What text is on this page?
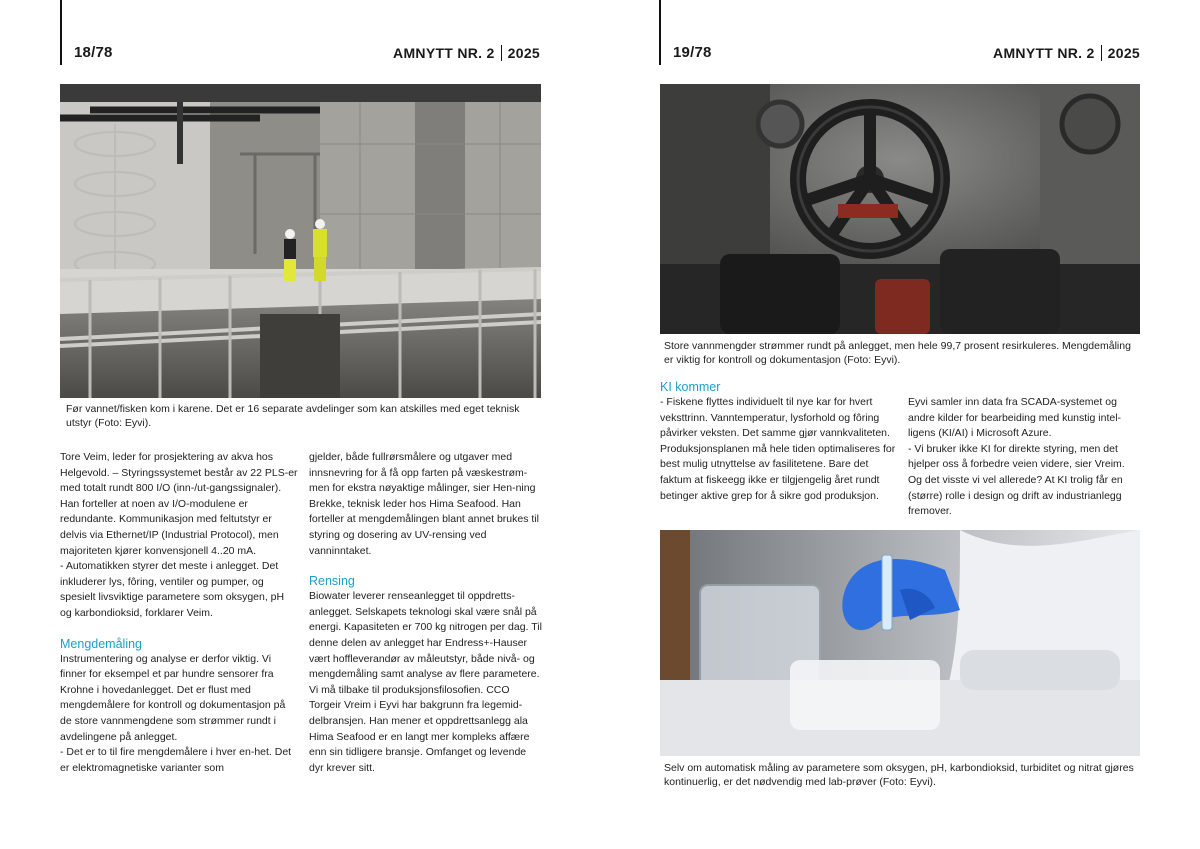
18/78	AMNYTT NR. 2 2025
Før vannet/fisken kom i karene. Det er 16 separate avdelinger som kan atskilles med eget teknisk utstyr (Foto: Eyvi).

Tore Veim, leder for prosjektering av akva hos Helgevold. – Styringssystemet består av 22 PLS-er med totalt rundt 800 I/O (inn-/ut-gangssignaler).

Han forteller at noen av I/O-modulene er redundante. Kommunikasjon med feltutstyr er delvis via Ethernet/IP (Industrial Protocol), men majoriteten kjører konvensjonell 4..20 mA.

- Automatikken styrer det meste i anlegget. Det inkluderer lys, fôring, ventiler og pumper, og spesielt livsviktige parametere som oksygen, pH og karbondioksid, forklarer Veim.

Mengdemåling

Instrumentering og analyse er derfor viktig. Vi finner for eksempel et par hundre sensorer fra Krohne i hovedanlegget. Det er flust med mengdemålere for kontroll og dokumentasjon på de store vannmengdene som strømmer rundt i avdelingene på anlegget.

- Det er to til fire mengdemålere i hver en-het. Det er elektromagnetiske varianter som

gjelder, både fullrørsmålere og utgaver med innsnevring for å få opp farten på væskestrøm-men for ekstra nøyaktige målinger, sier Hen-ning Brekke, teknisk leder hos Hima Seafood. Han forteller at mengdemålingen blant annet brukes til styring og dosering av UV-rensing ved vanninntaket.

Rensing

Biowater leverer renseanlegget til oppdretts-anlegget. Selskapets teknologi skal være snål på energi. Kapasiteten er 700 kg nitrogen per dag. Til denne delen av anlegget har Endress+-Hauser vært hoffleverandør av måleutstyr, både nivå- og mengdemåling samt analyse av flere parametere.

Vi må tilbake til produksjonsfilosofien. CCO Torgeir Vreim i Eyvi har bakgrunn fra legemid-delbransjen. Han mener et oppdrettsanlegg ala Hima Seafood er en langt mer kompleks affære enn sin tidligere bransje. Omfanget og levende dyr krever sitt.

19/78	AMNYTT NR. 2 2025
Store vannmengder strømmer rundt på anlegget, men hele 99,7 prosent resirkuleres. Mengdemåling er viktig for kontroll og dokumentasjon (Foto: Eyvi).

KI kommer

- Fiskene flyttes individuelt til nye kar for hvert veksttrinn. Vanntemperatur, lysforhold og fôring påvirker veksten. Det samme gjør vannkvaliteten. Produksjonsplanen må hele tiden optimaliseres for best mulig utnyttelse av fasilitetene. Bare det faktum at fiskeegg ikke er tilgjengelig året rundt betinger aktive grep for å sikre god produksjon.

Eyvi samler inn data fra SCADA-systemet og andre kilder for bearbeiding med kunstig intel-ligens (KI/AI) i Microsoft Azure.

- Vi bruker ikke KI for direkte styring, men det hjelper oss å forbedre veien videre, sier Vreim. Og det visste vi vel allerede? At KI trolig får en (større) rolle i design og drift av industrianlegg fremover.

Selv om automatisk måling av parametere som oksygen, pH, karbondioksid, turbiditet og nitrat gjøres kontinuerlig, er det nødvendig med lab-prøver (Foto: Eyvi).
